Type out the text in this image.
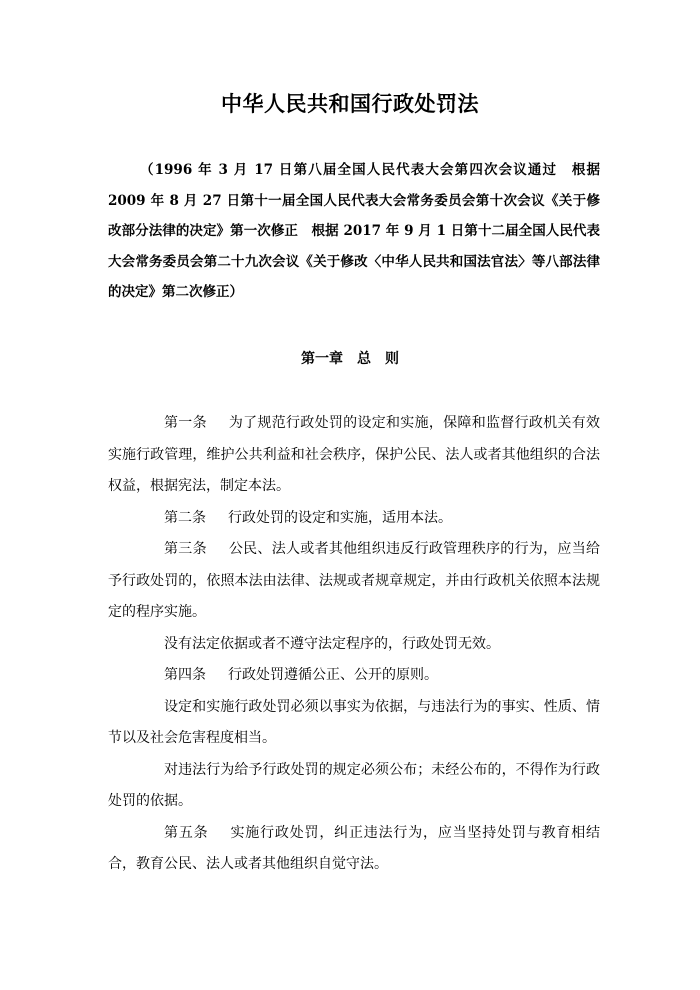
中华人民共和国行政处罚法

（1996 年 3 月 17 日第八届全国人民代表大会第四次会议通过　根据 2009 年 8 月 27 日第十一届全国人民代表大会常务委员会第十次会议《关于修改部分法律的决定》第一次修正　根据 2017 年 9 月 1 日第十二届全国人民代表大会常务委员会第二十九次会议《关于修改〈中华人民共和国法官法〉等八部法律的决定》第二次修正）

第一章　总　则

第一条 为了规范行政处罚的设定和实施，保障和监督行政机关有效实施行政管理，维护公共利益和社会秩序，保护公民、法人或者其他组织的合法权益，根据宪法，制定本法。

第二条 行政处罚的设定和实施，适用本法。

第三条 公民、法人或者其他组织违反行政管理秩序的行为，应当给予行政处罚的，依照本法由法律、法规或者规章规定，并由行政机关依照本法规定的程序实施。

没有法定依据或者不遵守法定程序的，行政处罚无效。

第四条 行政处罚遵循公正、公开的原则。

设定和实施行政处罚必须以事实为依据，与违法行为的事实、性质、情节以及社会危害程度相当。

对违法行为给予行政处罚的规定必须公布；未经公布的，不得作为行政处罚的依据。

第五条 实施行政处罚，纠正违法行为，应当坚持处罚与教育相结合，教育公民、法人或者其他组织自觉守法。
